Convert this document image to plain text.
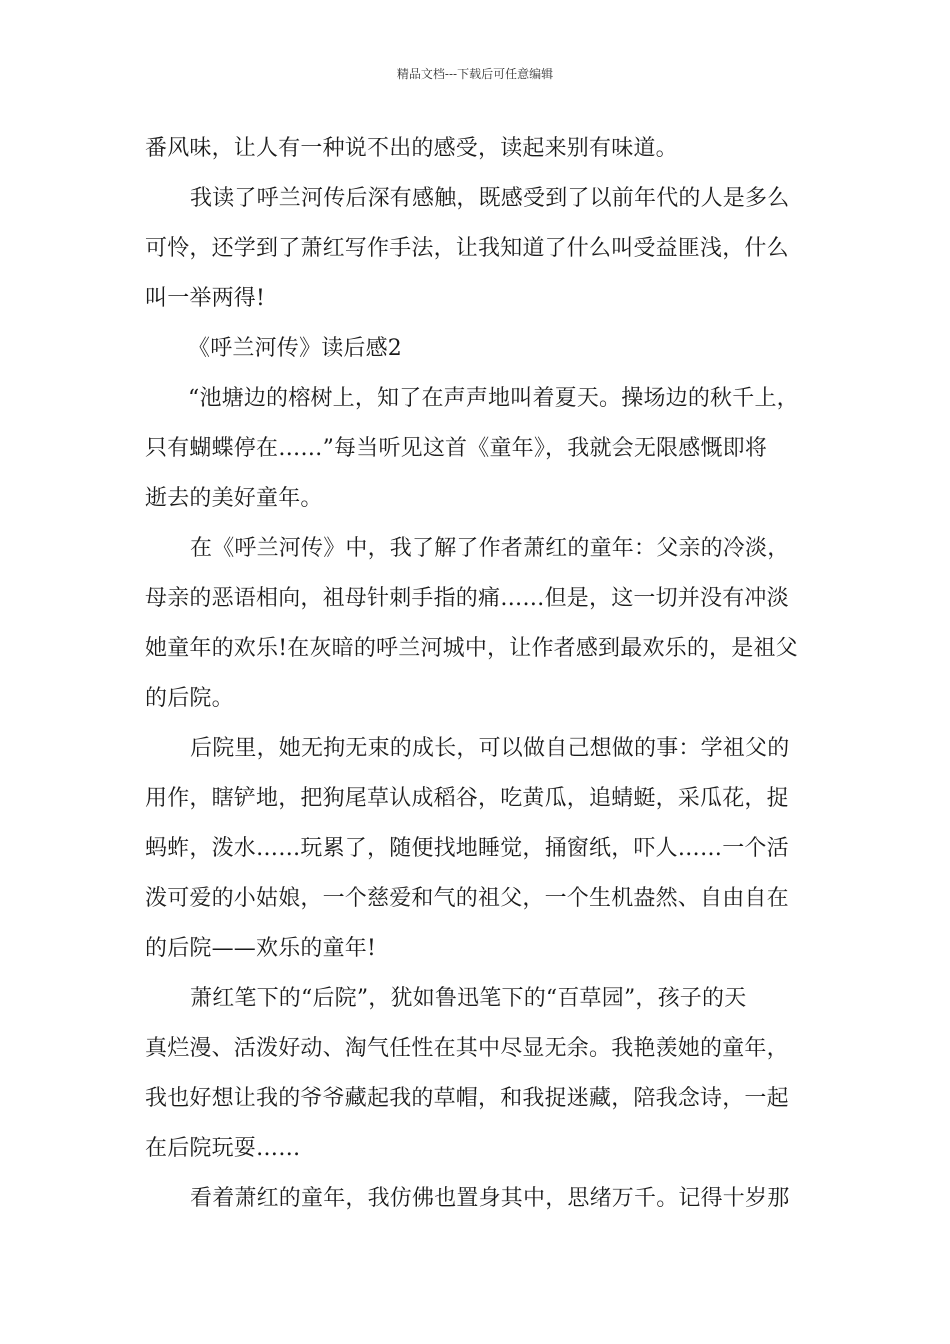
精品文档---下载后可任意编辑
番风味，让人有一种说不出的感受，读起来别有味道。
我读了呼兰河传后深有感触，既感受到了以前年代的人是多么
可怜，还学到了萧红写作手法，让我知道了什么叫受益匪浅，什么
叫一举两得!
《呼兰河传》读后感2
“池塘边的榕树上，知了在声声地叫着夏天。操场边的秋千上，
只有蝴蝶停在……”每当听见这首《童年》，我就会无限感慨即将
逝去的美好童年。
在《呼兰河传》中，我了解了作者萧红的童年：父亲的冷淡，
母亲的恶语相向，祖母针刺手指的痛……但是，这一切并没有冲淡
她童年的欢乐!在灰暗的呼兰河城中，让作者感到最欢乐的，是祖父
的后院。
后院里，她无拘无束的成长，可以做自己想做的事：学祖父的
用作，瞎铲地，把狗尾草认成稻谷，吃黄瓜，追蜻蜓，采瓜花，捉
蚂蚱，泼水……玩累了，随便找地睡觉，捅窗纸，吓人……一个活
泼可爱的小姑娘，一个慈爱和气的祖父，一个生机盎然、自由自在
的后院——欢乐的童年!
萧红笔下的“后院”，犹如鲁迅笔下的“百草园”，孩子的天
真烂漫、活泼好动、淘气任性在其中尽显无余。我艳羡她的童年，
我也好想让我的爷爷藏起我的草帽，和我捉迷藏，陪我念诗，一起
在后院玩耍……
看着萧红的童年，我仿佛也置身其中，思绪万千。记得十岁那
